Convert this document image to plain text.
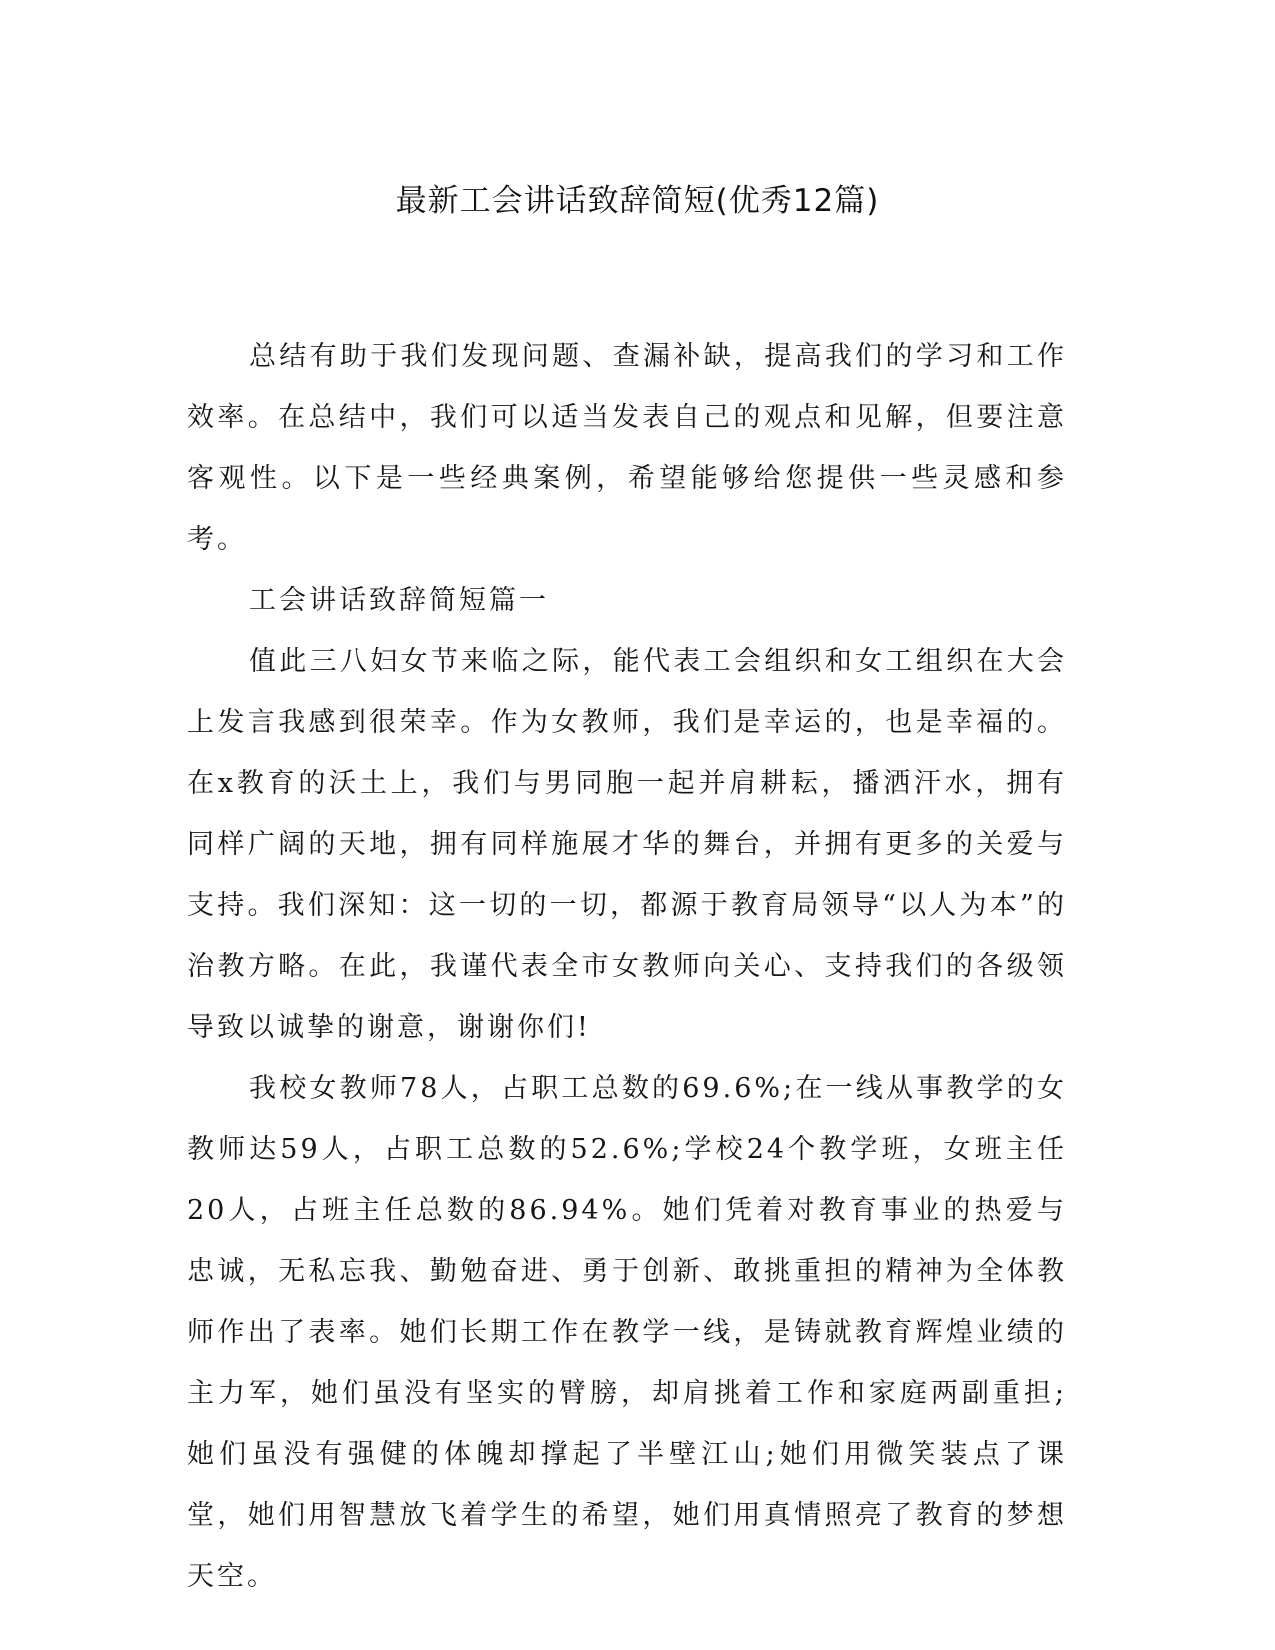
最新工会讲话致辞简短(优秀12篇)

总结有助于我们发现问题、查漏补缺，提高我们的学习和工作效率。在总结中，我们可以适当发表自己的观点和见解，但要注意客观性。以下是一些经典案例，希望能够给您提供一些灵感和参考。

工会讲话致辞简短篇一

值此三八妇女节来临之际，能代表工会组织和女工组织在大会上发言我感到很荣幸。作为女教师，我们是幸运的，也是幸福的。在x教育的沃土上，我们与男同胞一起并肩耕耘，播洒汗水，拥有同样广阔的天地，拥有同样施展才华的舞台，并拥有更多的关爱与支持。我们深知：这一切的一切，都源于教育局领导“以人为本”的治教方略。在此，我谨代表全市女教师向关心、支持我们的各级领导致以诚挚的谢意，谢谢你们!

我校女教师78人，占职工总数的69.6%;在一线从事教学的女教师达59人，占职工总数的52.6%;学校24个教学班，女班主任20人，占班主任总数的86.94%。她们凭着对教育事业的热爱与忠诚，无私忘我、勤勉奋进、勇于创新、敢挑重担的精神为全体教师作出了表率。她们长期工作在教学一线，是铸就教育辉煌业绩的主力军，她们虽没有坚实的臂膀，却肩挑着工作和家庭两副重担;她们虽没有强健的体魄却撑起了半壁江山;她们用微笑装点了课堂，她们用智慧放飞着学生的希望，她们用真情照亮了教育的梦想天空。
